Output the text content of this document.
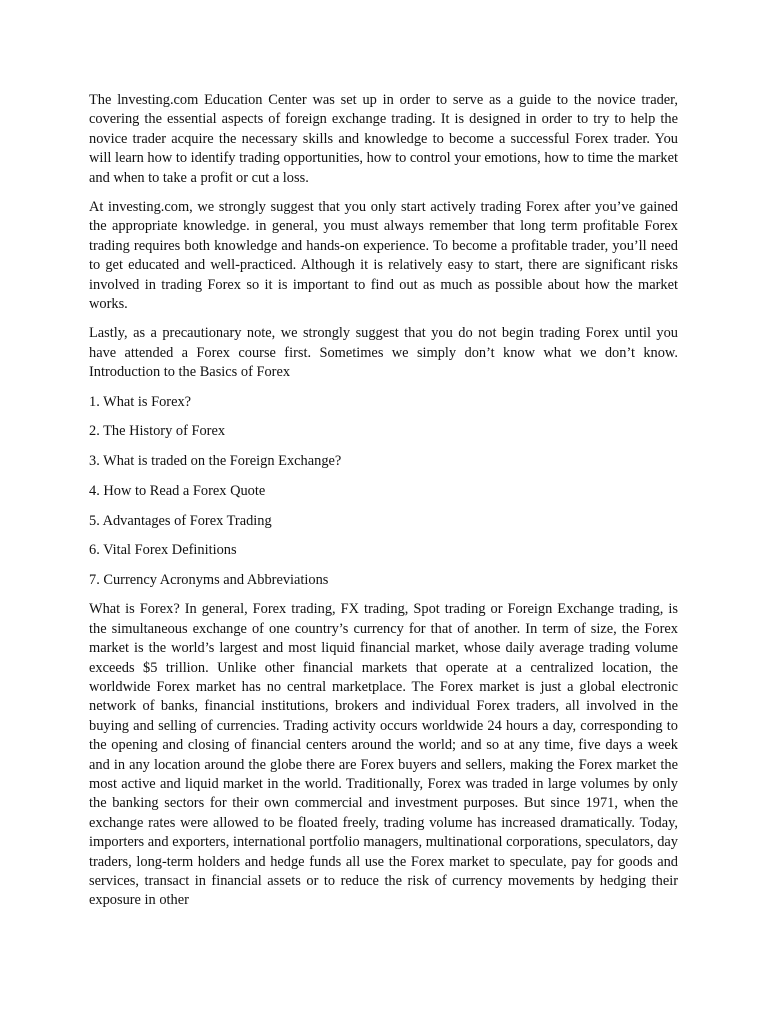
The lnvesting.com Education Center was set up in order to serve as a guide to the novice trader, covering the essential aspects of foreign exchange trading. It is designed in order to try to help the novice trader acquire the necessary skills and knowledge to become a successful Forex trader. You will learn how to identify trading opportunities, how to control your emotions, how to time the market and when to take a profit or cut a loss.

At investing.com, we strongly suggest that you only start actively trading Forex after you’ve gained the appropriate knowledge. in general, you must always remember that long term profitable Forex trading requires both knowledge and hands-on experience. To become a profitable trader, you’ll need to get educated and well-practiced. Although it is relatively easy to start, there are significant risks involved in trading Forex so it is important to find out as much as possible about how the market works.

Lastly, as a precautionary note, we strongly suggest that you do not begin trading Forex until you have attended a Forex course first. Sometimes we simply don’t know what we don’t know. Introduction to the Basics of Forex

1. What is Forex?
2. The History of Forex
3. What is traded on the Foreign Exchange?
4. How to Read a Forex Quote
5. Advantages of Forex Trading
6. Vital Forex Definitions
7. Currency Acronyms and Abbreviations

What is Forex? In general, Forex trading, FX trading, Spot trading or Foreign Exchange trading, is the simultaneous exchange of one country’s currency for that of another. In term of size, the Forex market is the world’s largest and most liquid financial market, whose daily average trading volume exceeds $5 trillion. Unlike other financial markets that operate at a centralized location, the worldwide Forex market has no central marketplace. The Forex market is just a global electronic network of banks, financial institutions, brokers and individual Forex traders, all involved in the buying and selling of currencies. Trading activity occurs worldwide 24 hours a day, corresponding to the opening and closing of financial centers around the world; and so at any time, five days a week and in any location around the globe there are Forex buyers and sellers, making the Forex market the most active and liquid market in the world. Traditionally, Forex was traded in large volumes by only the banking sectors for their own commercial and investment purposes. But since 1971, when the exchange rates were allowed to be floated freely, trading volume has increased dramatically. Today, importers and exporters, international portfolio managers, multinational corporations, speculators, day traders, long-term holders and hedge funds all use the Forex market to speculate, pay for goods and services, transact in financial assets or to reduce the risk of currency movements by hedging their exposure in other
